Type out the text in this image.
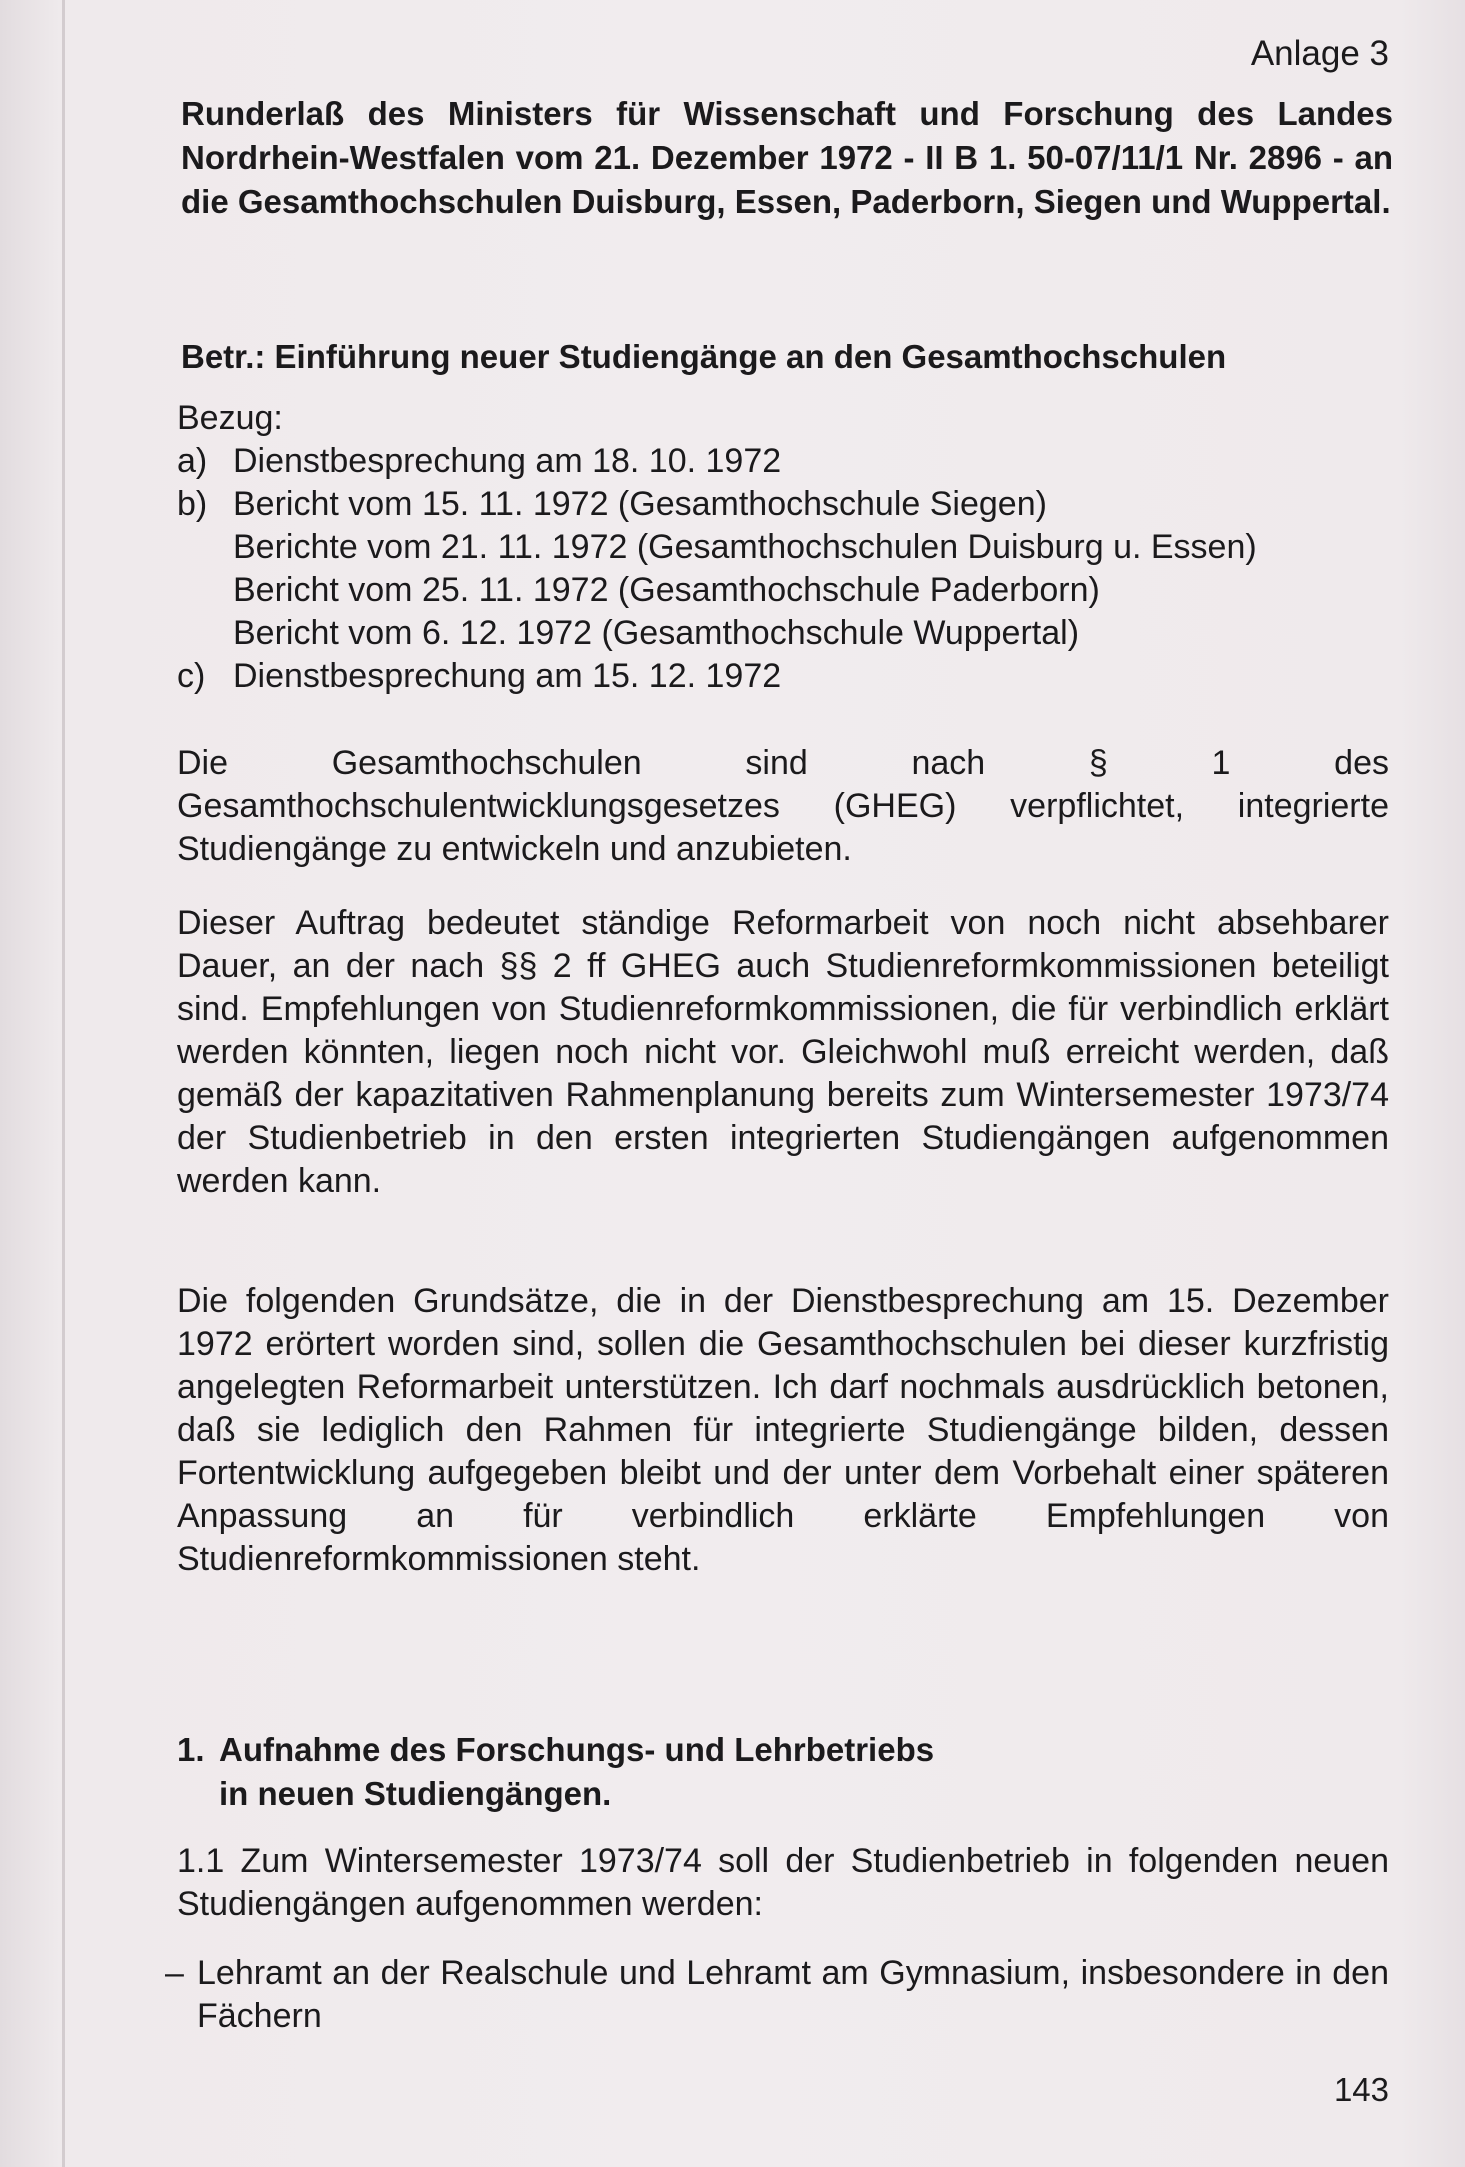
Anlage 3
Runderlaß des Ministers für Wissenschaft und Forschung des Landes Nordrhein-Westfalen vom 21. Dezember 1972 - II B 1. 50-07/11/1 Nr. 2896 - an die Gesamthochschulen Duisburg, Essen, Paderborn, Siegen und Wuppertal.
Betr.: Einführung neuer Studiengänge an den Gesamthochschulen
Bezug:
a) Dienstbesprechung am 18. 10. 1972
b) Bericht vom 15. 11. 1972 (Gesamthochschule Siegen)
Berichte vom 21. 11. 1972 (Gesamthochschulen Duisburg u. Essen)
Bericht vom 25. 11. 1972 (Gesamthochschule Paderborn)
Bericht vom 6. 12. 1972 (Gesamthochschule Wuppertal)
c) Dienstbesprechung am 15. 12. 1972
Die Gesamthochschulen sind nach § 1 des Gesamthochschulentwicklungsgesetzes (GHEG) verpflichtet, integrierte Studiengänge zu entwickeln und anzubieten.
Dieser Auftrag bedeutet ständige Reformarbeit von noch nicht absehbarer Dauer, an der nach §§ 2 ff GHEG auch Studienreformkommissionen beteiligt sind. Empfehlungen von Studienreformkommissionen, die für verbindlich erklärt werden könnten, liegen noch nicht vor. Gleichwohl muß erreicht werden, daß gemäß der kapazitativen Rahmenplanung bereits zum Wintersemester 1973/74 der Studienbetrieb in den ersten integrierten Studiengängen aufgenommen werden kann.
Die folgenden Grundsätze, die in der Dienstbesprechung am 15. Dezember 1972 erörtert worden sind, sollen die Gesamthochschulen bei dieser kurzfristig angelegten Reformarbeit unterstützen. Ich darf nochmals ausdrücklich betonen, daß sie lediglich den Rahmen für integrierte Studiengänge bilden, dessen Fortentwicklung aufgegeben bleibt und der unter dem Vorbehalt einer späteren Anpassung an für verbindlich erklärte Empfehlungen von Studienreformkommissionen steht.
1. Aufnahme des Forschungs- und Lehrbetriebs
in neuen Studiengängen.
1.1 Zum Wintersemester 1973/74 soll der Studienbetrieb in folgenden neuen Studiengängen aufgenommen werden:
– Lehramt an der Realschule und Lehramt am Gymnasium, insbesondere in den Fächern
143
